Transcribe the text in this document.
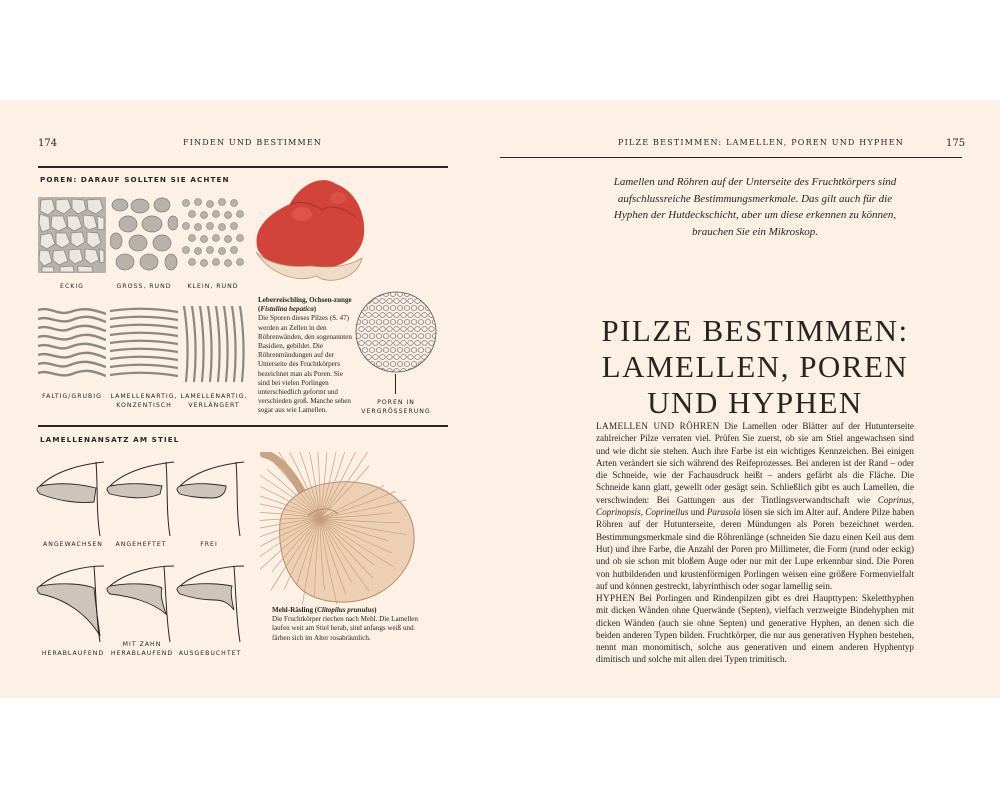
174	FINDEN UND BESTIMMEN
POREN: DARAUF SOLLTEN SIE ACHTEN
ECKIG	GROSS, RUND	KLEIN, RUND
FALTIG/GRUBIG	LAMELLENARTIG, KONZENTISCH
LAMELLENARTIG, VERLÄNGERT	POREN IN VERGRÖSSERUNG
Leberreischling, Ochsen-zunge (Fistulina hepatica)
Die Sporen dieses Pilzes (S. 47) werden an Zellen in den Röhrenwänden, den sogenannten Basidien, gebildet. Die Röhrenmündungen auf der Unterseite des Fruchtkörpers bezeichnet man als Poren. Sie sind bei vielen Porlingen unterschiedlich geformt und verschieden groß. Manche sehen sogar aus wie Lamellen.
LAMELLENANSATZ AM STIEL
ANGEWACHSEN	ANGEHEFTET	FREI
HERABLAUFEND
MIT ZAHN HERABLAUFEND AUSGEBUCHTET
Mehl-Räsling (Clitopilus prunulus)
Die Fruchtkörper riechen nach Mehl. Die Lamellen laufen weit am Stiel herab, sind anfangs weiß und färben sich im Alter rosabräunlich.
PILZE BESTIMMEN: LAMELLEN, POREN UND HYPHEN	175
Lamellen und Röhren auf der Unterseite des Fruchtkörpers sind aufschlussreiche Bestimmungsmerkmale. Das gilt auch für die Hyphen der Hutdeckschicht, aber um diese erkennen zu können, brauchen Sie ein Mikroskop.
PILZE BESTIMMEN: LAMELLEN, POREN UND HYPHEN

LAMELLEN UND RÖHREN Die Lamellen oder Blätter auf der Hutunterseite zahlreicher Pilze verraten viel. Prüfen Sie zuerst, ob sie am Stiel angewachsen sind und wie dicht sie stehen. Auch ihre Farbe ist ein wichtiges Kennzeichen. Bei einigen Arten verändert sie sich während des Reifeprozesses. Bei anderen ist der Rand – oder die Schneide, wie der Fachausdruck heißt – anders gefärbt als die Fläche. Die Schneide kann glatt, gewellt oder gesägt sein. Schließlich gibt es auch Lamellen, die verschwinden: Bei Gattungen aus der Tintlingsverwandtschaft wie Coprinus, Coprinopsis, Coprinellus und Parasola lösen sie sich im Alter auf. Andere Pilze haben Röhren auf der Hutunterseite, deren Mündungen als Poren bezeichnet werden. Bestimmungsmerkmale sind die Röhrenlänge (schneiden Sie dazu einen Keil aus dem Hut) und ihre Farbe, die Anzahl der Poren pro Millimeter, die Form (rund oder eckig) und ob sie schon mit bloßem Auge oder nur mit der Lupe erkennbar sind. Die Poren von hutbildenden und krustenförmigen Porlingen weisen eine größere Formenvielfalt auf und können gestreckt, labyrinthisch oder sogar lamellig sein.

HYPHEN Bei Porlingen und Rindenpilzen gibt es drei Haupttypen: Skeletthyphen mit dicken Wänden ohne Querwände (Septen), vielfach verzweigte Bindehyphen mit dicken Wänden (auch sie ohne Septen) und generative Hyphen, an denen sich die beiden anderen Typen bilden. Fruchtkörper, die nur aus generativen Hyphen bestehen, nennt man monomitisch, solche aus generativen und einem anderen Hyphentyp dimitisch und solche mit allen drei Typen trimitisch.
